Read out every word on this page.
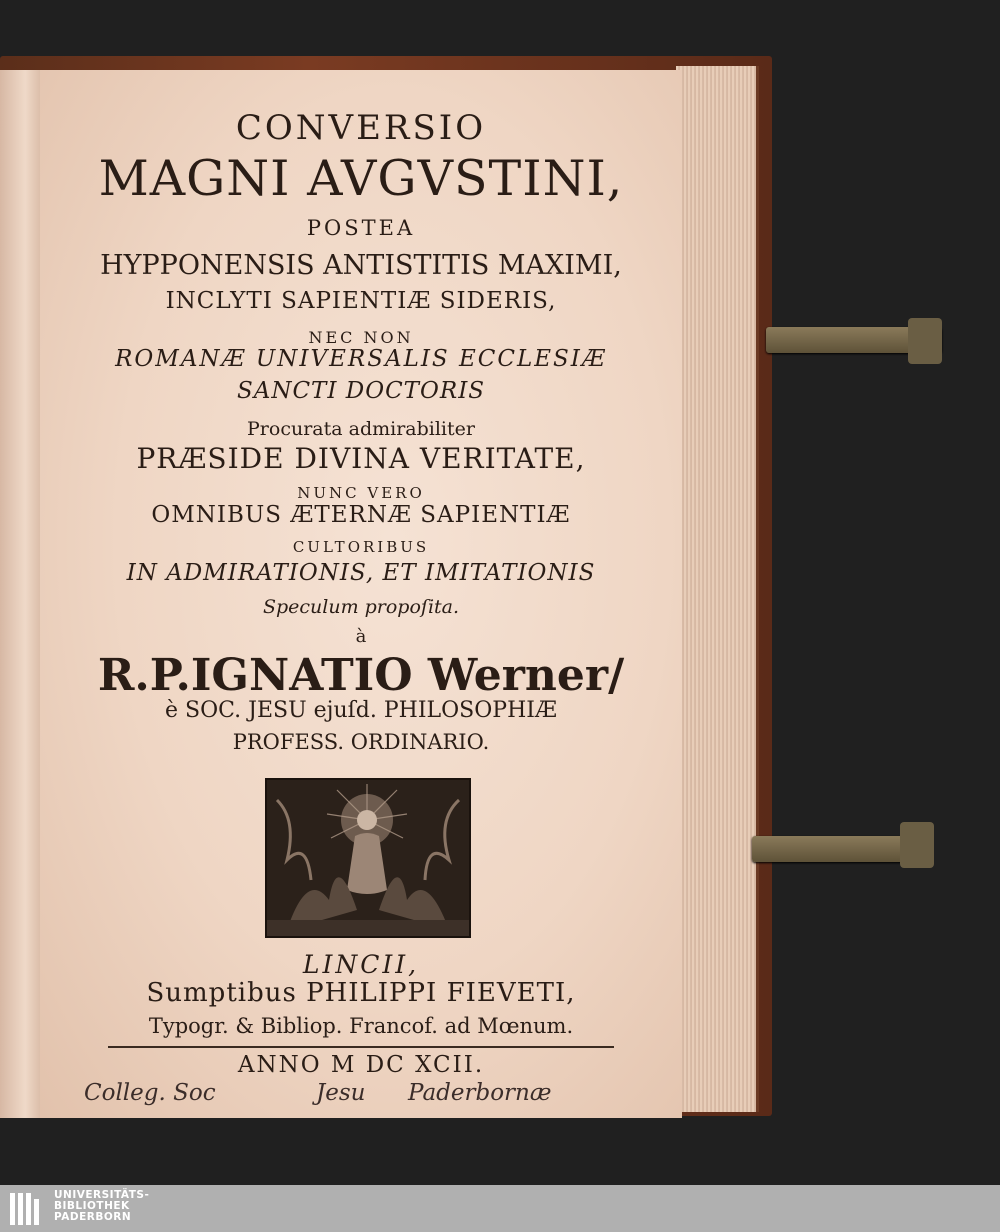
CONVERSIO
MAGNI AVGVSTINI,
POSTEA
HYPPONENSIS ANTISTITIS MAXIMI,
INCLYTI SAPIENTIÆ SIDERIS,
NEC NON
ROMANÆ UNIVERSALIS ECCLESIÆ
SANCTI DOCTORIS
Procurata admirabiliter
PRÆSIDE DIVINA VERITATE,
NUNC VERO
OMNIBUS ÆTERNÆ SAPIENTIÆ
CULTORIBUS
IN ADMIRATIONIS, ET IMITATIONIS
Speculum propoſita.
à
R.P.IGNATIO Werner/
è SOC. JESU ejuſd. PHILOSOPHIÆ
PROFESS. ORDINARIO.
LINCII,
Sumptibus PHILIPPI FIEVETI,
Typogr. & Bibliop. Francof. ad Mœnum.
ANNO M DC XCII.
Colleg. Soc	Jesu Paderbornæ
UNIVERSITÄTS-
BIBLIOTHEK
PADERBORN
